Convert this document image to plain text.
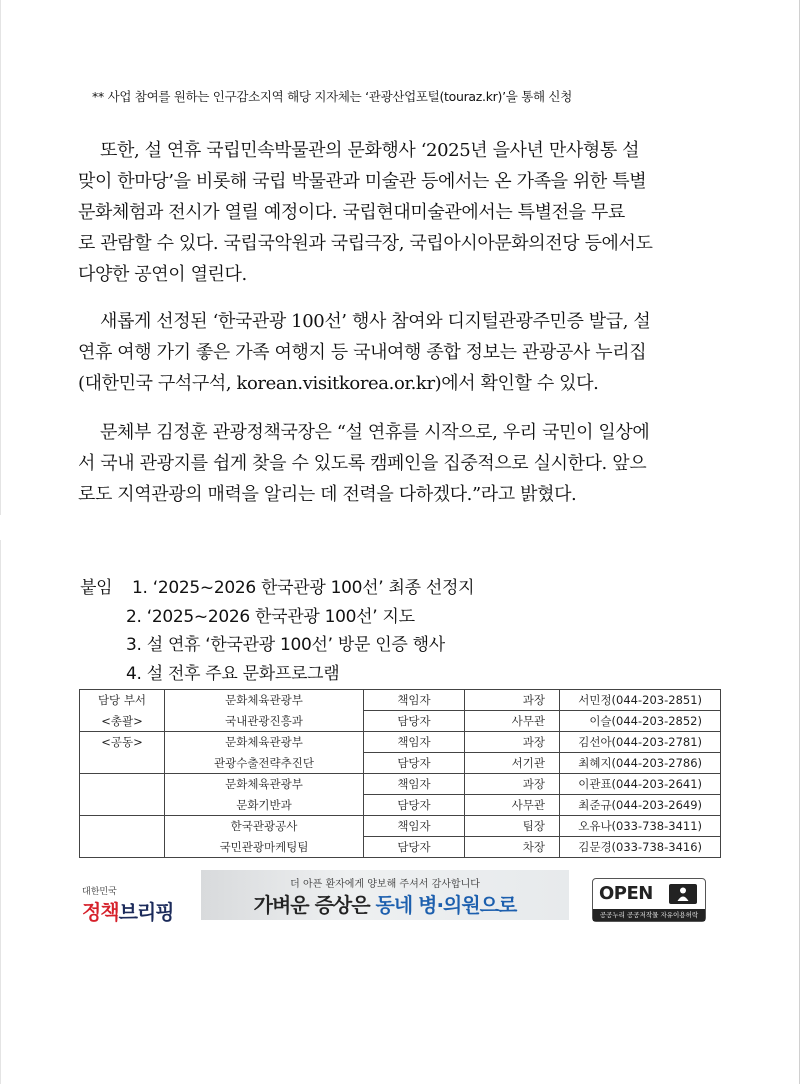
** 사업 참여를 원하는 인구감소지역 해당 지자체는 ‘관광산업포털(touraz.kr)’을 통해 신청
또한, 설 연휴 국립민속박물관의 문화행사 ‘2025년 을사년 만사형통 설
맞이 한마당’을 비롯해 국립 박물관과 미술관 등에서는 온 가족을 위한 특별
문화체험과 전시가 열릴 예정이다. 국립현대미술관에서는 특별전을 무료
로 관람할 수 있다. 국립국악원과 국립극장, 국립아시아문화의전당 등에서도
다양한 공연이 열린다.
새롭게 선정된 ‘한국관광 100선’ 행사 참여와 디지털관광주민증 발급, 설
연휴 여행 가기 좋은 가족 여행지 등 국내여행 종합 정보는 관광공사 누리집
(대한민국 구석구석, korean.visitkorea.or.kr)에서 확인할 수 있다.
문체부 김정훈 관광정책국장은 “설 연휴를 시작으로, 우리 국민이 일상에
서 국내 관광지를 쉽게 찾을 수 있도록 캠페인을 집중적으로 실시한다. 앞으
로도 지역관광의 매력을 알리는 데 전력을 다하겠다.”라고 밝혔다.
붙임	1. ‘2025~2026 한국관광 100선’ 최종 선정지
2. ‘2025~2026 한국관광 100선’ 지도
3. 설 연휴 ‘한국관광 100선’ 방문 인증 행사
4. 설 전후 주요 문화프로그램
담당 부서	문화체육관광부	책임자	과장	서민정(044-203-2851)
<총괄>	국내관광진흥과	담당자	사무관	이슬(044-203-2852)
<공동>	문화체육관광부	책임자	과장	김선아(044-203-2781)
	관광수출전략추진단	담당자	서기관	최혜지(044-203-2786)
	문화체육관광부	책임자	과장	이관표(044-203-2641)
	문화기반과	담당자	사무관	최준규(044-203-2649)
	한국관광공사	책임자	팀장	오유나(033-738-3411)
	국민관광마케팅팀	담당자	차장	김문경(033-738-3416)
대한민국
정책브리핑
더 아픈 환자에게 양보해 주셔서 감사합니다
가벼운 증상은 동네 병·의원으로	OPEN
공공누리 공공저작물 자유이용허락
